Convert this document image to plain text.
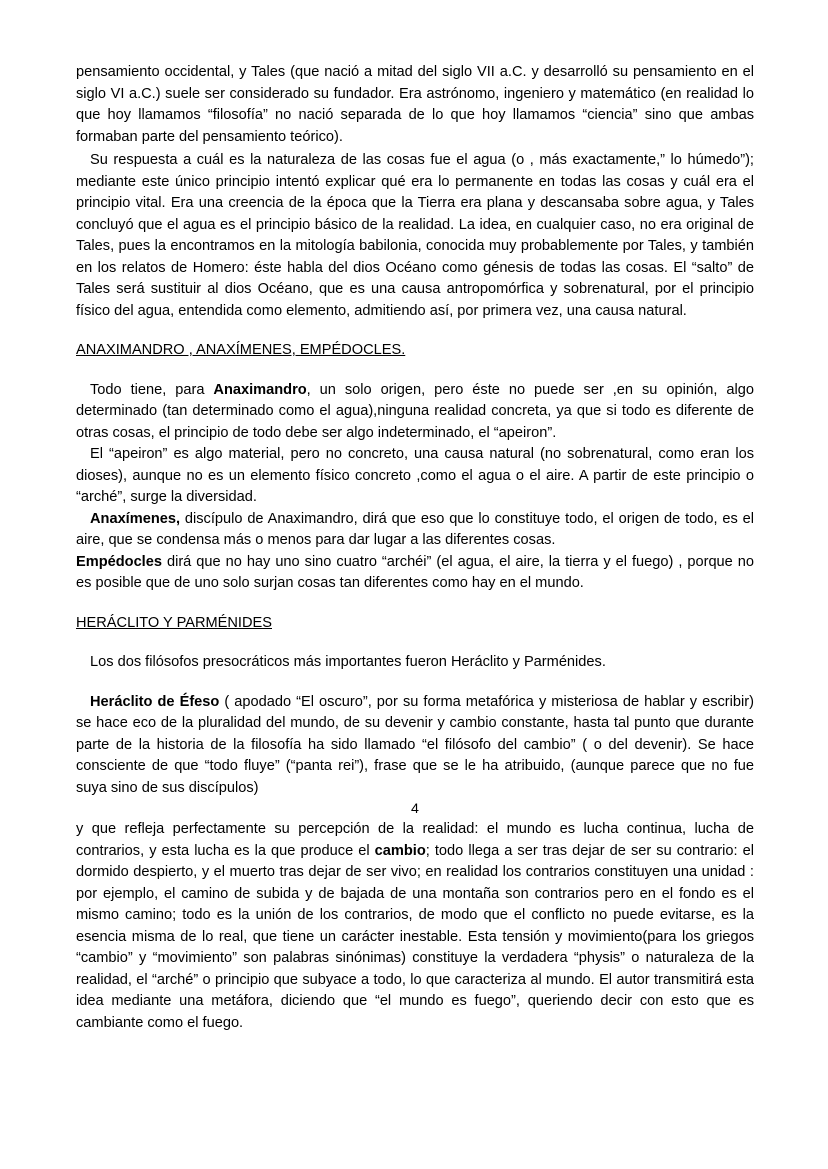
pensamiento occidental, y Tales (que nació a mitad del siglo VII a.C. y desarrolló su pensamiento en el siglo VI a.C.) suele ser considerado su fundador. Era astrónomo, ingeniero y matemático (en realidad lo que hoy llamamos “filosofía” no nació separada de lo que hoy llamamos “ciencia” sino que ambas formaban parte del pensamiento teórico).

Su respuesta a cuál es la naturaleza de las cosas fue el agua (o , más exactamente,” lo húmedo”); mediante este único principio intentó explicar qué era lo permanente en todas las cosas y cuál era el principio vital. Era una creencia de la época que la Tierra era plana y descansaba sobre agua, y Tales concluyó que el agua es el principio básico de la realidad. La idea, en cualquier caso, no era original de Tales, pues la encontramos en la mitología babilonia, conocida muy probablemente por Tales, y también en los relatos de Homero: éste habla del dios Océano como génesis de todas las cosas. El “salto” de Tales será sustituir al dios Océano, que es una causa antropomórfica y sobrenatural, por el principio físico del agua, entendida como elemento, admitiendo así, por primera vez, una causa natural.

ANAXIMANDRO , ANAXÍMENES, EMPÉDOCLES.

Todo tiene, para Anaximandro, un solo origen, pero éste no puede ser ,en su opinión, algo determinado (tan determinado como el agua),ninguna realidad concreta, ya que si todo es diferente de otras cosas, el principio de todo debe ser algo indeterminado, el “apeiron”.

El “apeiron” es algo material, pero no concreto, una causa natural (no sobrenatural, como eran los dioses), aunque no es un elemento físico concreto ,como el agua o el aire. A partir de este principio o “arché”, surge la diversidad.

Anaxímenes, discípulo de Anaximandro, dirá que eso que lo constituye todo, el origen de todo, es el aire, que se condensa más o menos para dar lugar a las diferentes cosas.

Empédocles dirá que no hay uno sino cuatro “archéi” (el agua, el aire, la tierra y el fuego) , porque no es posible que de uno solo surjan cosas tan diferentes como hay en el mundo.

HERÁCLITO Y PARMÉNIDES

Los dos filósofos presocráticos más importantes fueron Heráclito y Parménides.

Heráclito de Éfeso ( apodado “El oscuro”, por su forma metafórica y misteriosa de hablar y escribir) se hace eco de la pluralidad del mundo, de su devenir y cambio constante, hasta tal punto que durante parte de la historia de la filosofía ha sido llamado “el filósofo del cambio” ( o del devenir). Se hace consciente de que “todo fluye” (“panta rei”), frase que se le ha atribuido, (aunque parece que no fue suya sino de sus discípulos)

4

y que refleja perfectamente su percepción de la realidad: el mundo es lucha continua, lucha de contrarios, y esta lucha es la que produce el cambio; todo llega a ser tras dejar de ser su contrario: el dormido despierto, y el muerto tras dejar de ser vivo; en realidad los contrarios constituyen una unidad : por ejemplo, el camino de subida y de bajada de una montaña son contrarios pero en el fondo es el mismo camino; todo es la unión de los contrarios, de modo que el conflicto no puede evitarse, es la esencia misma de lo real, que tiene un carácter inestable. Esta tensión y movimiento(para los griegos “cambio” y “movimiento” son palabras sinónimas) constituye la verdadera “physis” o naturaleza de la realidad, el “arché” o principio que subyace a todo, lo que caracteriza al mundo. El autor transmitirá esta idea mediante una metáfora, diciendo que “el mundo es fuego”, queriendo decir con esto que es cambiante como el fuego.
